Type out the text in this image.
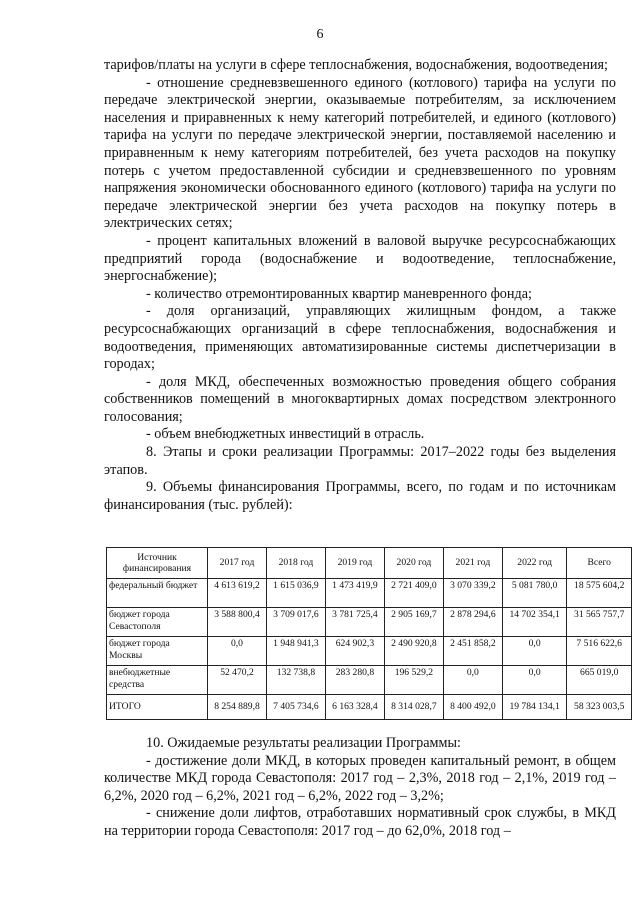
6

тарифов/платы на услуги в сфере теплоснабжения, водоснабжения, водоотведения;

- отношение средневзвешенного единого (котлового) тарифа на услуги по передаче электрической энергии, оказываемые потребителям, за исключением населения и приравненных к нему категорий потребителей, и единого (котлового) тарифа на услуги по передаче электрической энергии, поставляемой населению и приравненным к нему категориям потребителей, без учета расходов на покупку потерь с учетом предоставленной субсидии и средневзвешенного по уровням напряжения экономически обоснованного единого (котлового) тарифа на услуги по передаче электрической энергии без учета расходов на покупку потерь в электрических сетях;

- процент капитальных вложений в валовой выручке ресурсоснабжающих предприятий города (водоснабжение и водоотведение, теплоснабжение, энергоснабжение);

- количество отремонтированных квартир маневренного фонда;

- доля организаций, управляющих жилищным фондом, а также ресурсоснабжающих организаций в сфере теплоснабжения, водоснабжения и водоотведения, применяющих автоматизированные системы диспетчеризации в городах;

- доля МКД, обеспеченных возможностью проведения общего собрания собственников помещений в многоквартирных домах посредством электронного голосования;

- объем внебюджетных инвестиций в отрасль.

8. Этапы и сроки реализации Программы: 2017–2022 годы без выделения этапов.

9. Объемы финансирования Программы, всего, по годам и по источникам финансирования (тыс. рублей):

Источник финансирования	2017 год	2018 год	2019 год	2020 год	2021 год	2022 год	Всего
федеральный бюджет	4 613 619,2	1 615 036,9	1 473 419,9	2 721 409,0	3 070 339,2	5 081 780,0	18 575 604,2
бюджет города Севастополя	3 588 800,4	3 709 017,6	3 781 725,4	2 905 169,7	2 878 294,6	14 702 354,1	31 565 757,7
бюджет города Москвы	0,0	1 948 941,3	624 902,3	2 490 920,8	2 451 858,2	0,0	7 516 622,6
внебюджетные средства	52 470,2	132 738,8	283 280,8	196 529,2	0,0	0,0	665 019,0
ИТОГО	8 254 889,8	7 405 734,6	6 163 328,4	8 314 028,7	8 400 492,0	19 784 134,1	58 323 003,5

10. Ожидаемые результаты реализации Программы:

- достижение доли МКД, в которых проведен капитальный ремонт, в общем количестве МКД города Севастополя: 2017 год – 2,3%, 2018 год – 2,1%, 2019 год – 6,2%, 2020 год – 6,2%, 2021 год – 6,2%, 2022 год – 3,2%;

- снижение доли лифтов, отработавших нормативный срок службы, в МКД на территории города Севастополя: 2017 год – до 62,0%, 2018 год –
